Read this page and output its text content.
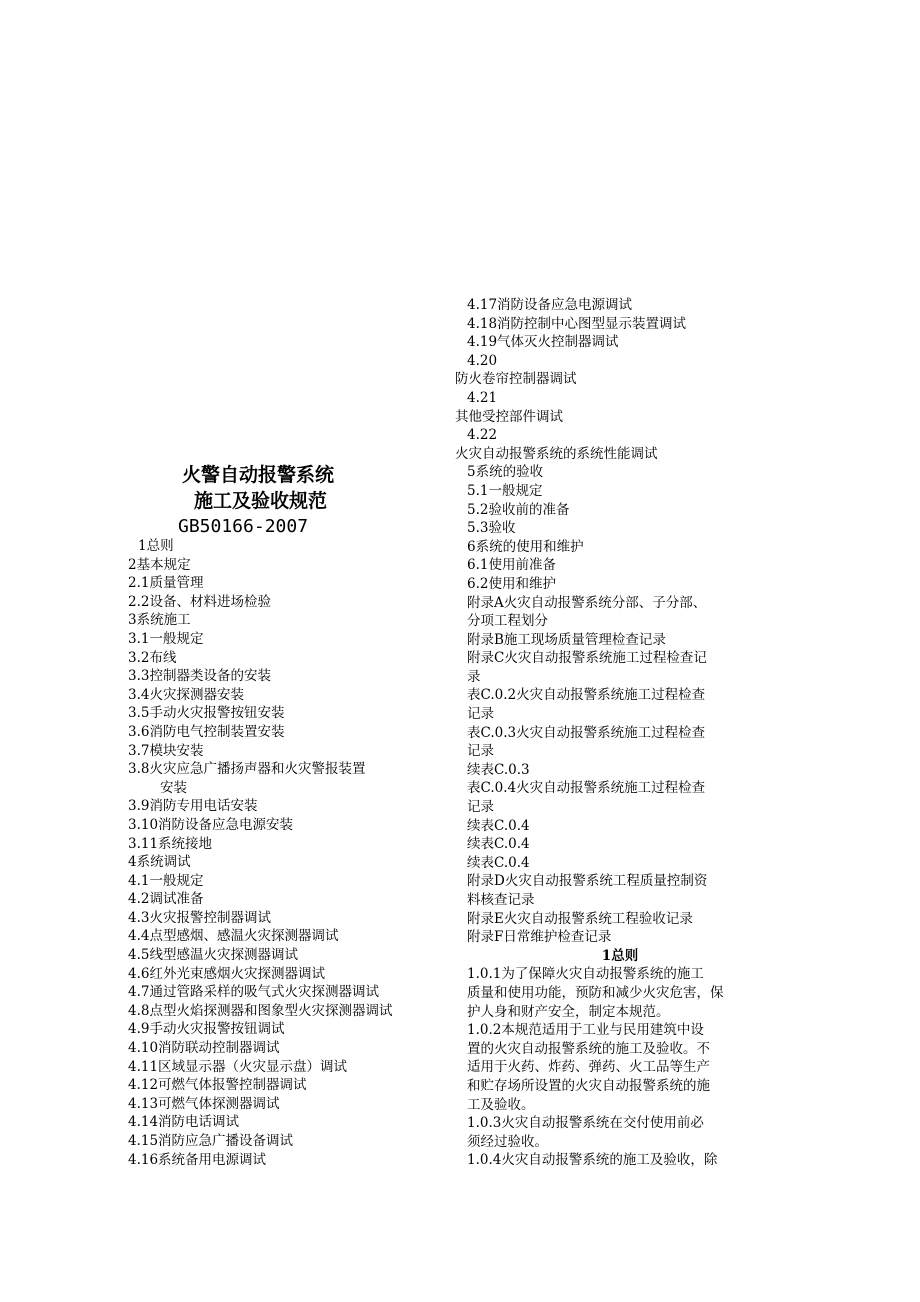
火警自动报警系统
施工及验收规范
GB50166-2007
1总则
2基本规定
2.1质量管理
2.2设备、材料进场检验
3系统施工
3.1一般规定
3.2布线
3.3控制器类设备的安装
3.4火灾探测器安装
3.5手动火灾报警按钮安装
3.6消防电气控制装置安装
3.7模块安装
3.8火灾应急广播扬声器和火灾警报装置
安装
3.9消防专用电话安装
3.10消防设备应急电源安装
3.11系统接地
4系统调试
4.1一般规定
4.2调试准备
4.3火灾报警控制器调试
4.4点型感烟、感温火灾探测器调试
4.5线型感温火灾探测器调试
4.6红外光束感烟火灾探测器调试
4.7通过管路采样的吸气式火灾探测器调试
4.8点型火焰探测器和图象型火灾探测器调试
4.9手动火灾报警按钮调试
4.10消防联动控制器调试
4.11区域显示器（火灾显示盘）调试
4.12可燃气体报警控制器调试
4.13可燃气体探测器调试
4.14消防电话调试
4.15消防应急广播设备调试
4.16系统备用电源调试
4.17消防设备应急电源调试
4.18消防控制中心图型显示装置调试
4.19气体灭火控制器调试
4.20
防火卷帘控制器调试
4.21
其他受控部件调试
4.22
火灾自动报警系统的系统性能调试
5系统的验收
5.1一般规定
5.2验收前的准备
5.3验收
6系统的使用和维护
6.1使用前准备
6.2使用和维护
附录A火灾自动报警系统分部、子分部、
分项工程划分
附录B施工现场质量管理检查记录
附录C火灾自动报警系统施工过程检查记
录
表C.0.2火灾自动报警系统施工过程检查
记录
表C.0.3火灾自动报警系统施工过程检查
记录
续表C.0.3
表C.0.4火灾自动报警系统施工过程检查
记录
续表C.0.4
续表C.0.4
续表C.0.4
附录D火灾自动报警系统工程质量控制资
料核查记录
附录E火灾自动报警系统工程验收记录
附录F日常维护检查记录
1总则
1.0.1为了保障火灾自动报警系统的施工
质量和使用功能，预防和减少火灾危害，保
护人身和财产安全，制定本规范。
1.0.2本规范适用于工业与民用建筑中设
置的火灾自动报警系统的施工及验收。不
适用于火药、炸药、弹药、火工品等生产
和贮存场所设置的火灾自动报警系统的施
工及验收。
1.0.3火灾自动报警系统在交付使用前必
须经过验收。
1.0.4火灾自动报警系统的施工及验收，除
